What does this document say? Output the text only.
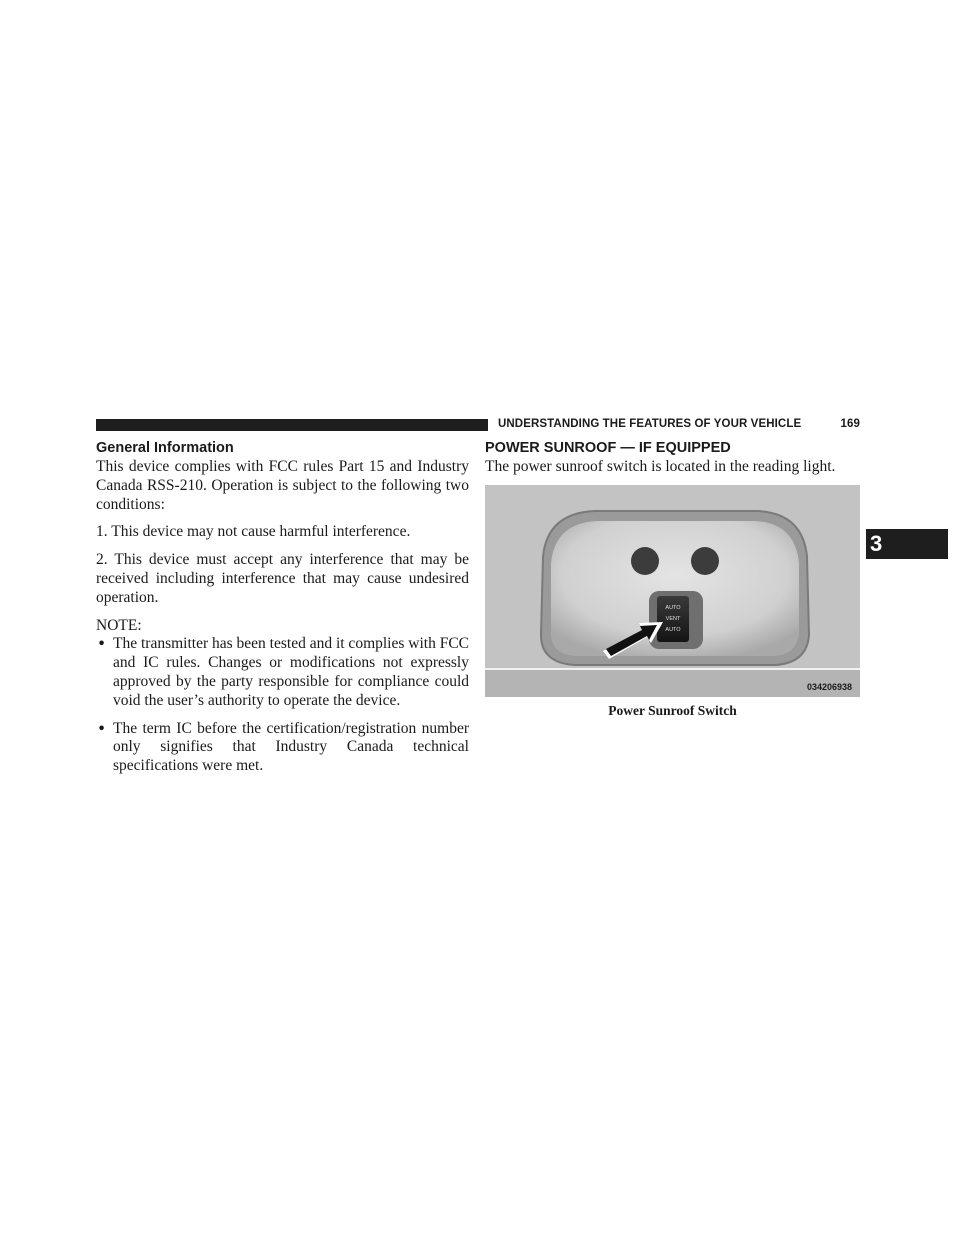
UNDERSTANDING THE FEATURES OF YOUR VEHICLE	169
3
General Information

This device complies with FCC rules Part 15 and Industry Canada RSS-210. Operation is subject to the following two conditions:

1. This device may not cause harmful interference.

2. This device must accept any interference that may be received including interference that may cause undesired operation.

NOTE:
• The transmitter has been tested and it complies with FCC and IC rules. Changes or modifications not expressly approved by the party responsible for compliance could void the user’s authority to operate the device.

• The term IC before the certification/registration number only signifies that Industry Canada technical specifications were met.

POWER SUNROOF — IF EQUIPPED

The power sunroof switch is located in the reading light.

AUTO
VENT
AUTO
034206938
Power Sunroof Switch
